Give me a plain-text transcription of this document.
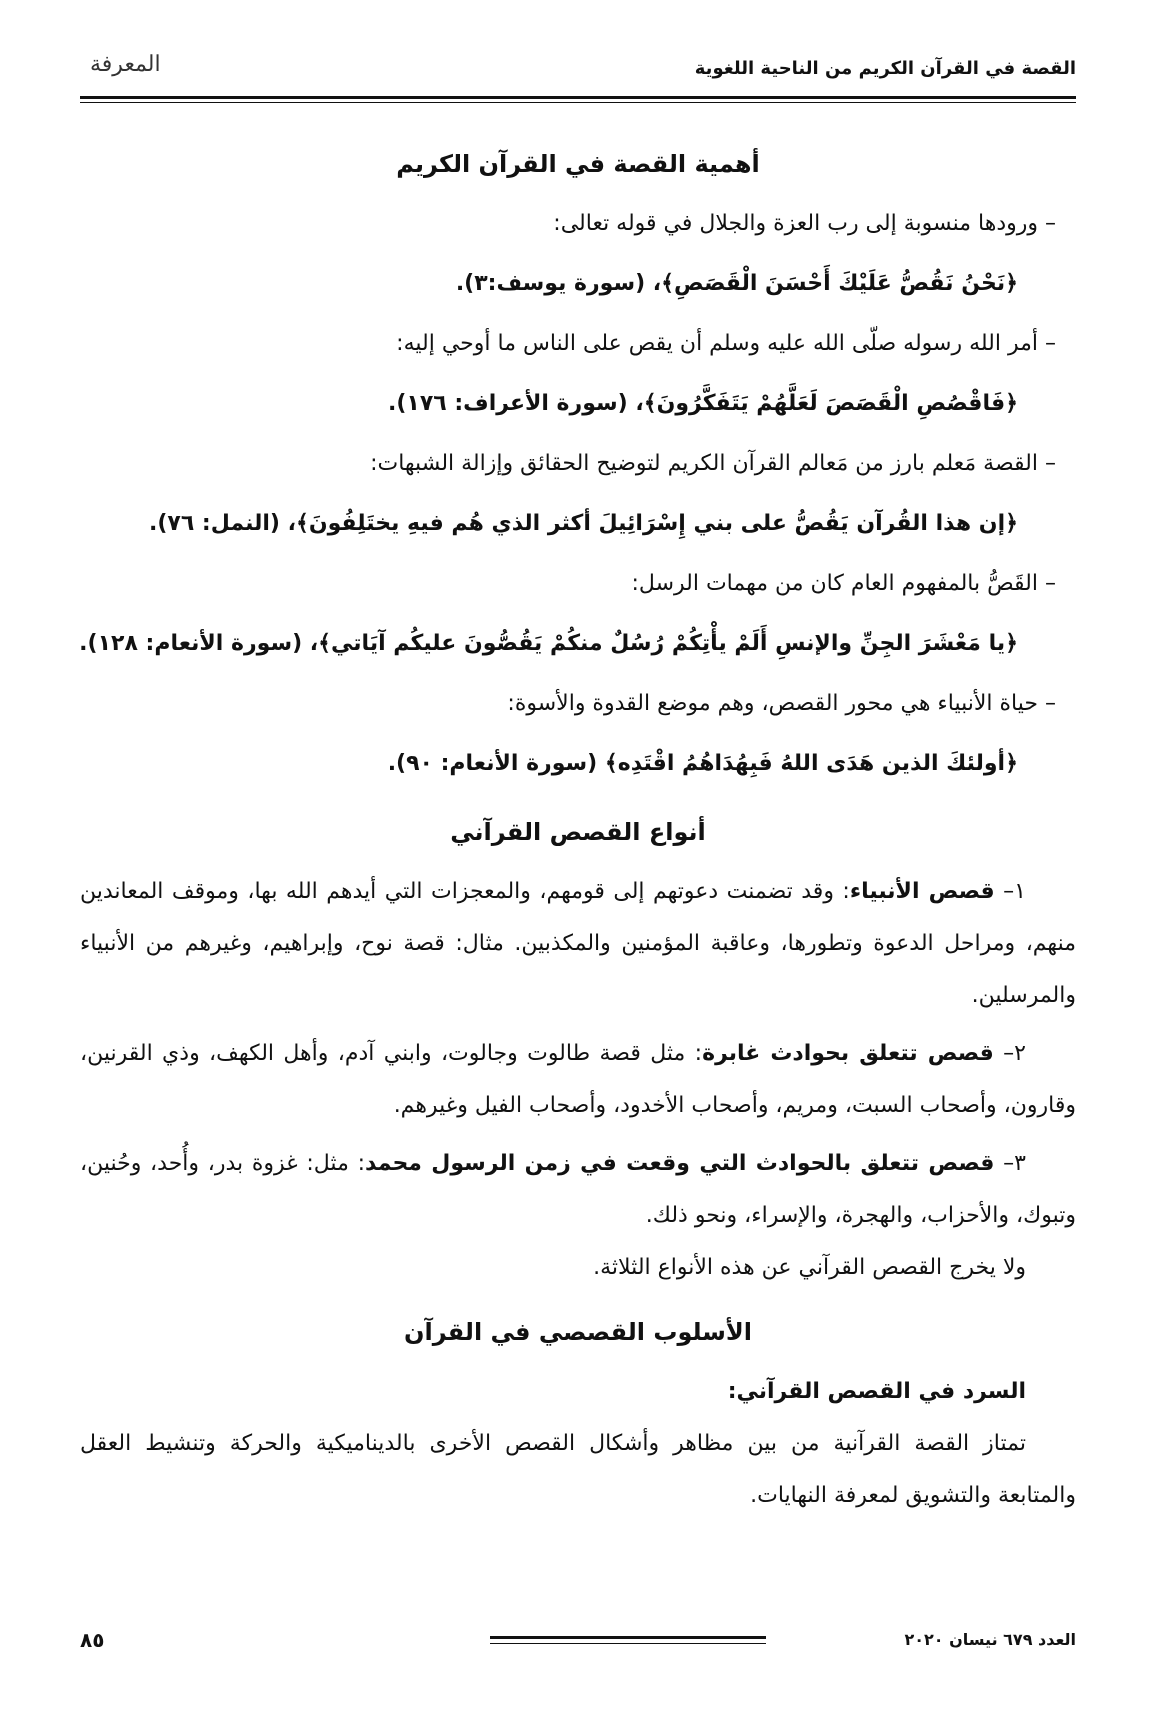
القصة في القرآن الكريم من الناحية اللغوية
المعرفة
أهمية القصة في القرآن الكريم
– ورودها منسوبة إلى رب العزة والجلال في قوله تعالى:
﴿نَحْنُ نَقُصُّ عَلَيْكَ أَحْسَنَ الْقَصَصِ﴾، (سورة يوسف:٣).
– أمر الله رسوله صلّى الله عليه وسلم أن يقص على الناس ما أوحي إليه:
﴿فَاقْصُصِ الْقَصَصَ لَعَلَّهُمْ يَتَفَكَّرُونَ﴾، (سورة الأعراف: ١٧٦).
– القصة مَعلم بارز من مَعالم القرآن الكريم لتوضيح الحقائق وإزالة الشبهات:
﴿إن هذا القُرآن يَقُصُّ على بني إِسْرَائِيلَ أكثر الذي هُم فيهِ يختَلِفُونَ﴾، (النمل: ٧٦).
– القَصُّ بالمفهوم العام كان من مهمات الرسل:
﴿يا مَعْشَرَ الجِنِّ والإنسِ أَلَمْ يأْتِكُمْ رُسُلٌ منكُمْ يَقُصُّونَ عليكُم آيَاتي﴾، (سورة الأنعام: ١٢٨).
– حياة الأنبياء هي محور القصص، وهم موضع القدوة والأسوة:
﴿أولئكَ الذين هَدَى اللهُ فَبِهُدَاهُمُ اقْتَدِه﴾ (سورة الأنعام: ٩٠).
أنواع القصص القرآني

١– قصص الأنبياء: وقد تضمنت دعوتهم إلى قومهم، والمعجزات التي أيدهم الله بها، وموقف المعاندين منهم، ومراحل الدعوة وتطورها، وعاقبة المؤمنين والمكذبين. مثال: قصة نوح، وإبراهيم، وغيرهم من الأنبياء والمرسلين.

٢– قصص تتعلق بحوادث غابرة: مثل قصة طالوت وجالوت، وابني آدم، وأهل الكهف، وذي القرنين، وقارون، وأصحاب السبت، ومريم، وأصحاب الأخدود، وأصحاب الفيل وغيرهم.

٣– قصص تتعلق بالحوادث التي وقعت في زمن الرسول محمد: مثل: غزوة بدر، وأُحد، وحُنين، وتبوك، والأحزاب، والهجرة، والإسراء، ونحو ذلك.

ولا يخرج القصص القرآني عن هذه الأنواع الثلاثة.

الأسلوب القصصي في القرآن

السرد في القصص القرآني:

تمتاز القصة القرآنية من بين مظاهر وأشكال القصص الأخرى بالديناميكية والحركة وتنشيط العقل والمتابعة والتشويق لمعرفة النهايات.

العدد ٦٧٩ نيسان ٢٠٢٠
٨٥
